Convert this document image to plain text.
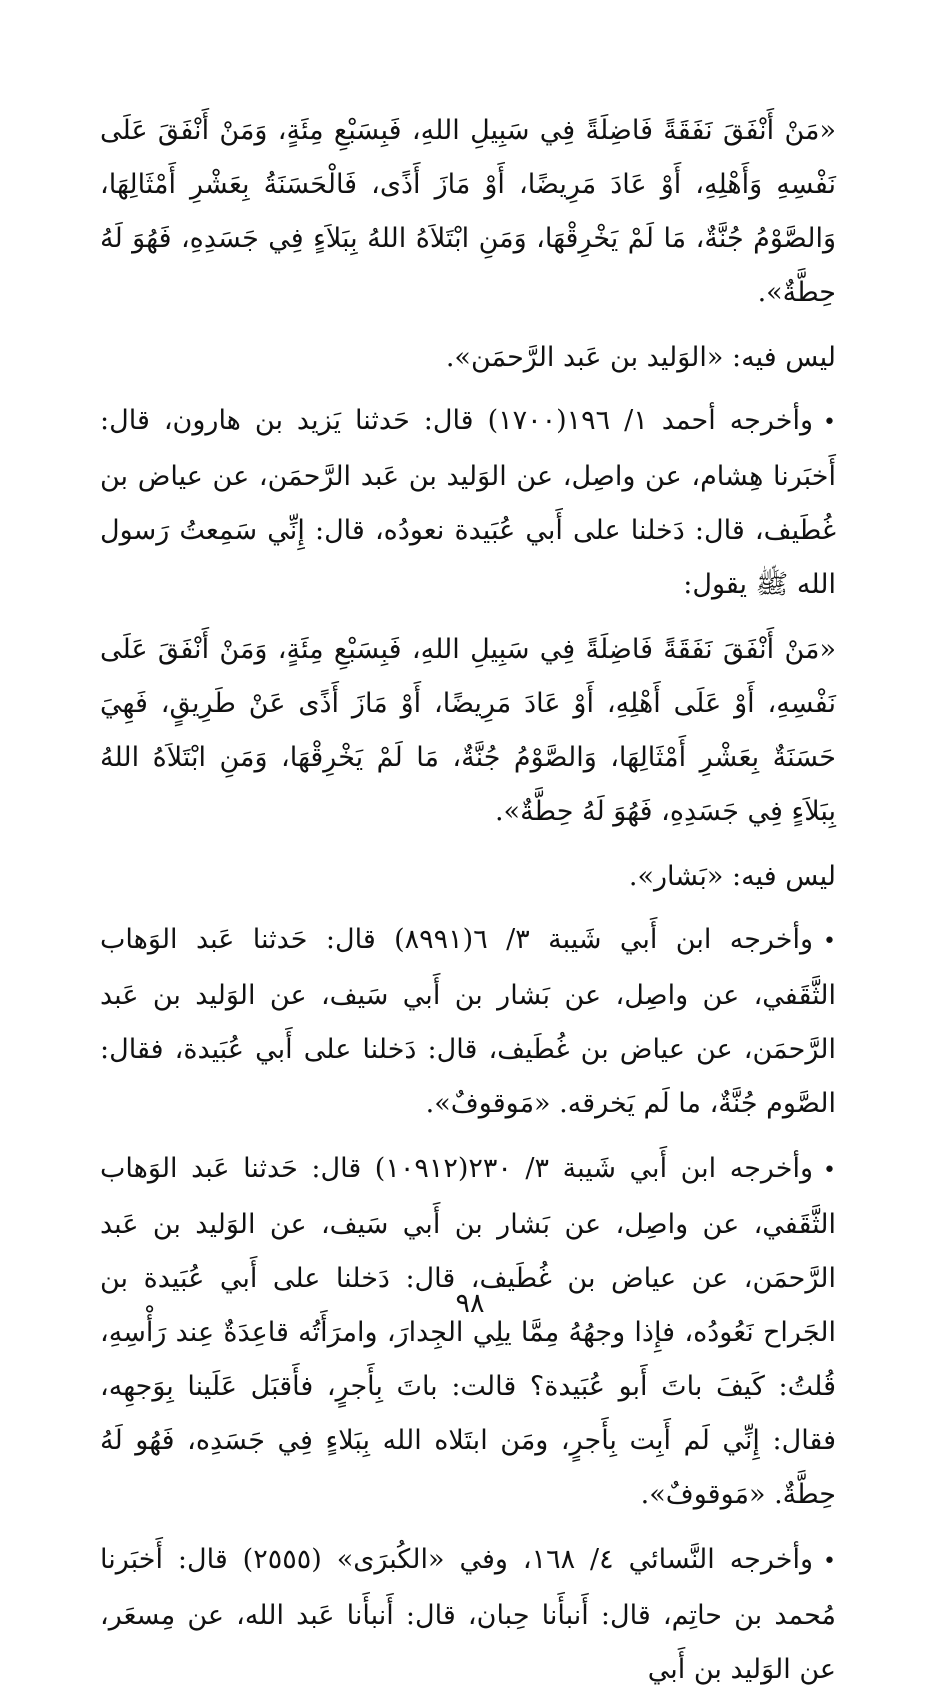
«مَنْ أَنْفَقَ نَفَقَةً فَاضِلَةً فِي سَبِيلِ اللهِ، فَبِسَبْعِ مِئَةٍ، وَمَنْ أَنْفَقَ عَلَى نَفْسِهِ وَأَهْلِهِ، أَوْ عَادَ مَرِيضًا، أَوْ مَازَ أَذًى، فَالْحَسَنَةُ بِعَشْرِ أَمْثَالِهَا، وَالصَّوْمُ جُنَّةٌ، مَا لَمْ يَخْرِقْهَا، وَمَنِ ابْتَلاَهُ اللهُ بِبَلاَءٍ فِي جَسَدِهِ، فَهُوَ لَهُ حِطَّةٌ».

ليس فيه: «الوَليد بن عَبد الرَّحمَن».

•وأخرجه أحمد ١/ ١٩٦(١٧٠٠) قال: حَدثنا يَزيد بن هارون، قال: أَخبَرنا هِشام، عن واصِل، عن الوَليد بن عَبد الرَّحمَن، عن عياض بن غُطَيف، قال: دَخلنا على أَبي عُبَيدة نعودُه، قال: إِنِّي سَمِعتُ رَسول الله ﷺ يقول:

«مَنْ أَنْفَقَ نَفَقَةً فَاضِلَةً فِي سَبِيلِ اللهِ، فَبِسَبْعِ مِئَةٍ، وَمَنْ أَنْفَقَ عَلَى نَفْسِهِ، أَوْ عَلَى أَهْلِهِ، أَوْ عَادَ مَرِيضًا، أَوْ مَازَ أَذًى عَنْ طَرِيقٍ، فَهِيَ حَسَنَةٌ بِعَشْرِ أَمْثَالِهَا، وَالصَّوْمُ جُنَّةٌ، مَا لَمْ يَخْرِقْهَا، وَمَنِ ابْتَلاَهُ اللهُ بِبَلاَءٍ فِي جَسَدِهِ، فَهُوَ لَهُ حِطَّةٌ».

ليس فيه: «بَشار».

•وأخرجه ابن أَبي شَيبة ٣/ ٦(٨٩٩١) قال: حَدثنا عَبد الوَهاب الثَّقَفي، عن واصِل، عن بَشار بن أَبي سَيف، عن الوَليد بن عَبد الرَّحمَن، عن عياض بن غُطَيف، قال: دَخلنا على أَبي عُبَيدة، فقال: الصَّوم جُنَّةٌ، ما لَم يَخرقه. «مَوقوفٌ».

•وأخرجه ابن أَبي شَيبة ٣/ ٢٣٠(١٠٩١٢) قال: حَدثنا عَبد الوَهاب الثَّقَفي، عن واصِل، عن بَشار بن أَبي سَيف، عن الوَليد بن عَبد الرَّحمَن، عن عياض بن غُطَيف، قال: دَخلنا على أَبي عُبَيدة بن الجَراح نَعُودُه، فإِذا وجهُهُ مِمَّا يلِي الجِدارَ، وامرَأَتُه قاعِدَةٌ عِند رَأْسِهِ، قُلتُ: كَيفَ باتَ أَبو عُبَيدة؟ قالت: باتَ بِأَجرٍ، فأَقبَل عَلَينا بِوَجهِه، فقال: إِنِّي لَم أَبِت بِأَجرٍ، ومَن ابتَلاه الله بِبَلاءٍ فِي جَسَدِه، فَهُو لَهُ حِطَّةٌ. «مَوقوفٌ».

•وأخرجه النَّسائي ٤/ ١٦٨، وفي «الكُبرَى» (٢٥٥٥) قال: أَخبَرنا مُحمد بن حاتِم، قال: أَنبأَنا حِبان، قال: أَنبأَنا عَبد الله، عن مِسعَر، عن الوَليد بن أَبي

٩٨
